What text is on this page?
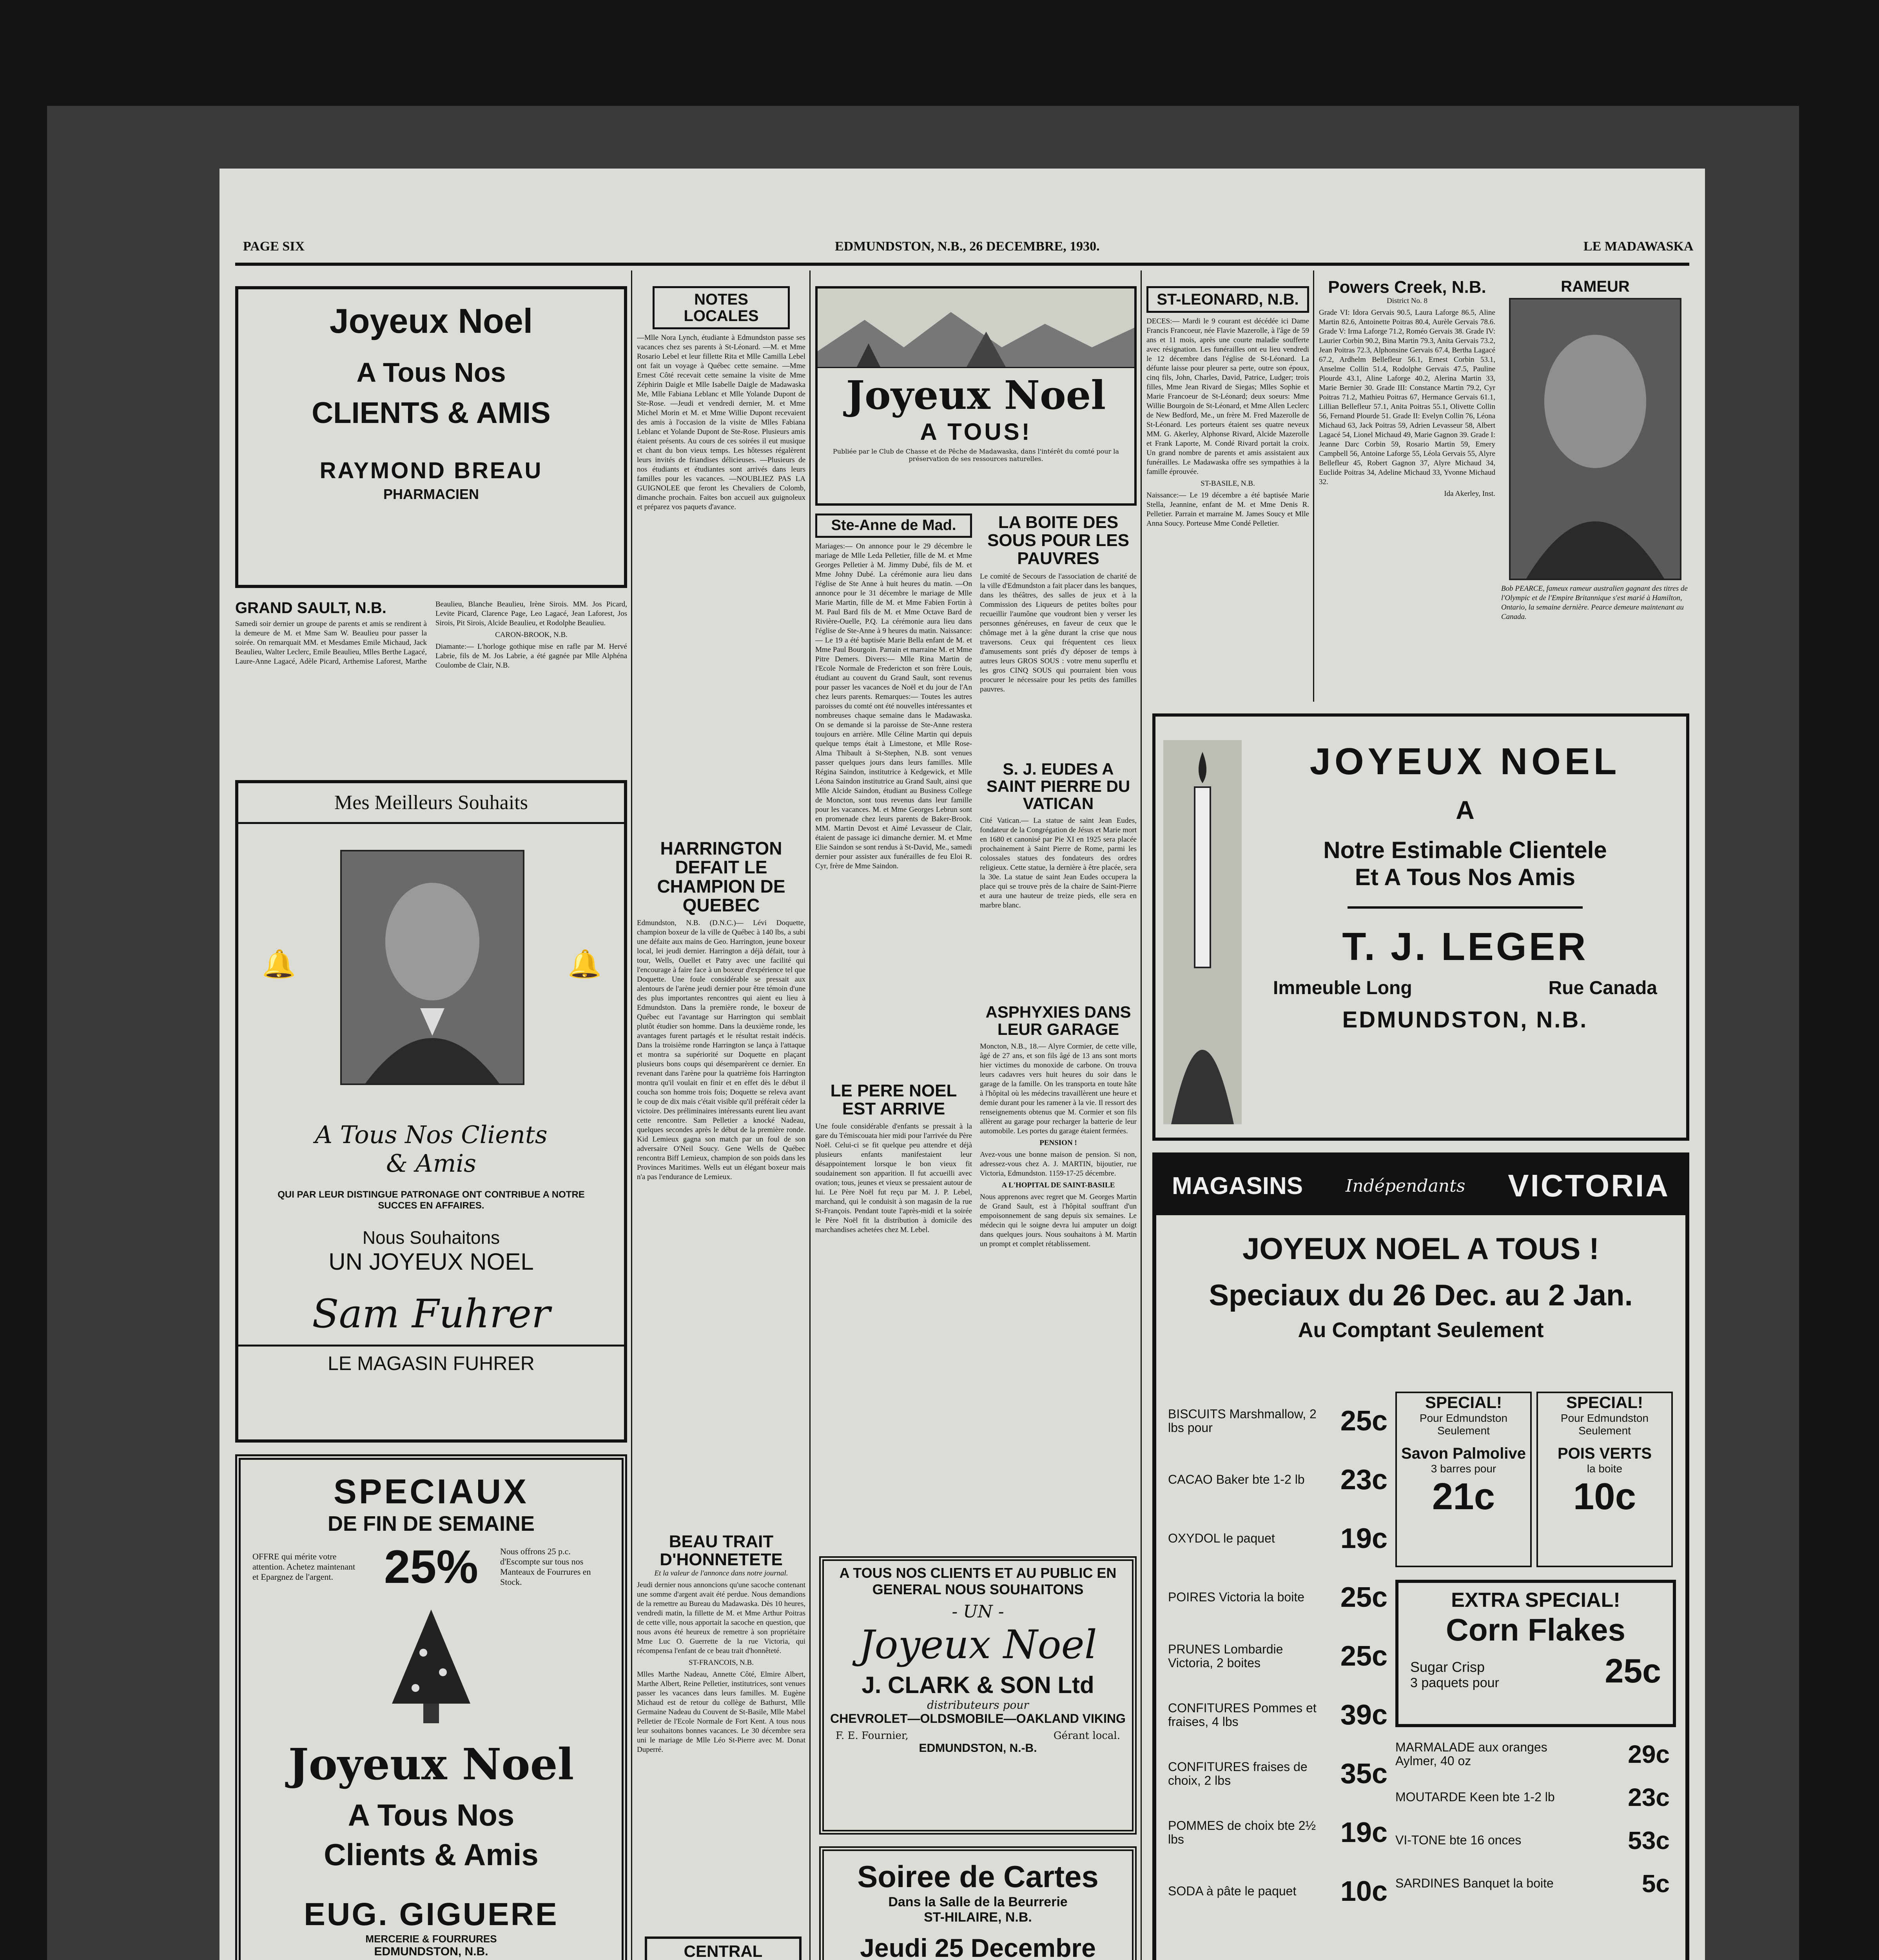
PAGE SIX	EDMUNDSTON, N.B., 26 DECEMBRE, 1930.	LE MADAWASKA
Joyeux Noel
A Tous Nos
CLIENTS & AMIS
RAYMOND BREAU
PHARMACIEN
GRAND SAULT, N.B.

Samedi soir dernier un groupe de parents et amis se rendirent à la demeure de M. et Mme Sam W. Beaulieu pour passer la soirée. On remarquait MM. et Mesdames Emile Michaud, Jack Beaulieu, Walter Leclerc, Emile Beaulieu, Mlles Berthe Lagacé, Laure-Anne Lagacé, Adèle Picard, Arthemise Laforest, Marthe Beaulieu, Blanche Beaulieu, Irène Sirois. MM. Jos Picard, Levite Picard, Clarence Page, Leo Lagacé, Jean Laforest, Jos Sirois, Pit Sirois, Alcide Beaulieu, et Rodolphe Beaulieu.

CARON-BROOK, N.B.

Diamante:— L'horloge gothique mise en rafle par M. Hervé Labrie, fils de M. Jos Labrie, a été gagnée par Mlle Alphéna Coulombe de Clair, N.B.

Mes Meilleurs Souhaits
🔔	🔔
A Tous Nos Clients
& Amis
QUI PAR LEUR DISTINGUE PATRONAGE ONT CONTRIBUE A NOTRE SUCCES EN AFFAIRES.
Nous Souhaitons
UN JOYEUX NOEL
Sam Fuhrer
LE MAGASIN FUHRER
SPECIAUX
DE FIN DE SEMAINE
OFFRE qui mérite votre attention. Achetez maintenant et Epargnez de l'argent.	25%	Nous offrons 25 p.c. d'Escompte sur tous nos Manteaux de Fourrures en Stock.
Joyeux Noel
A Tous Nos
Clients & Amis
EUG. GIGUERE
MERCERIE & FOURRURES
EDMUNDSTON, N.B.
NOTES LOCALES

—Mlle Nora Lynch, étudiante à Edmundston passe ses vacances chez ses parents à St-Léonard. —M. et Mme Rosario Lebel et leur fillette Rita et Mlle Camilla Lebel ont fait un voyage à Québec cette semaine. —Mme Ernest Côté recevait cette semaine la visite de Mme Zéphirin Daigle et Mlle Isabelle Daigle de Madawaska Me, Mlle Fabiana Leblanc et Mlle Yolande Dupont de Ste-Rose. —Jeudi et vendredi dernier, M. et Mme Michel Morin et M. et Mme Willie Dupont recevaient des amis à l'occasion de la visite de Mlles Fabiana Leblanc et Yolande Dupont de Ste-Rose. Plusieurs amis étaient présents. Au cours de ces soirées il eut musique et chant du bon vieux temps. Les hôtesses régalèrent leurs invités de friandises délicieuses. —Plusieurs de nos étudiants et étudiantes sont arrivés dans leurs familles pour les vacances. —NOUBLIEZ PAS LA GUIGNOLEE que feront les Chevaliers de Colomb, dimanche prochain. Faites bon accueil aux guignoleux et préparez vos paquets d'avance.

HARRINGTON DEFAIT LE CHAMPION DE QUEBEC

Edmundston, N.B. (D.N.C.)— Lévi Doquette, champion boxeur de la ville de Québec à 140 lbs, a subi une défaite aux mains de Geo. Harrington, jeune boxeur local, lei jeudi dernier. Harrington a déjà défait, tour à tour, Wells, Ouellet et Patry avec une facilité qui l'encourage à faire face à un boxeur d'expérience tel que Doquette. Une foule considérable se pressait aux alentours de l'arène jeudi dernier pour être témoin d'une des plus importantes rencontres qui aient eu lieu à Edmundston. Dans la première ronde, le boxeur de Québec eut l'avantage sur Harrington qui semblait plutôt étudier son homme. Dans la deuxième ronde, les avantages furent partagés et le résultat restait indécis. Dans la troisième ronde Harrington se lança à l'attaque et montra sa supériorité sur Doquette en plaçant plusieurs bons coups qui désemparèrent ce dernier. En revenant dans l'arène pour la quatrième fois Harrington montra qu'il voulait en finir et en effet dès le début il coucha son homme trois fois; Doquette se releva avant le coup de dix mais c'était visible qu'il préférait céder la victoire. Des préliminaires intéressants eurent lieu avant cette rencontre. Sam Pelletier a knocké Nadeau, quelques secondes après le début de la première ronde. Kid Lemieux gagna son match par un foul de son adversaire O'Neil Soucy. Gene Wells de Québec rencontra Biff Lemieux, champion de son poids dans les Provinces Maritimes. Wells eut un élégant boxeur mais n'a pas l'endurance de Lemieux.

BEAU TRAIT D'HONNETETE

Et la valeur de l'annonce dans notre journal.

Jeudi dernier nous annoncions qu'une sacoche contenant une somme d'argent avait été perdue. Nous demandions de la remettre au Bureau du Madawaska. Dès 10 heures, vendredi matin, la fillette de M. et Mme Arthur Poitras de cette ville, nous apportait la sacoche en question, que nous avons été heureux de remettre à son propriétaire Mme Luc O. Guerrette de la rue Victoria, qui récompensa l'enfant de ce beau trait d'honnêteté.

ST-FRANCOIS, N.B.

Mlles Marthe Nadeau, Annette Côté, Elmire Albert, Marthe Albert, Reine Pelletier, institutrices, sont venues passer les vacances dans leurs familles. M. Eugène Michaud est de retour du collège de Bathurst, Mlle Germaine Nadeau du Couvent de St-Basile, Mlle Mabel Pelletier de l'Ecole Normale de Fort Kent. A tous nous leur souhaitons bonnes vacances. Le 30 décembre sera uni le mariage de Mlle Léo St-Pierre avec M. Donat Duperré.

CENTRAL
Joyeux Noel
A TOUS!
Publiée par le Club de Chasse et de Pêche de Madawaska, dans l'intérêt du comté pour la préservation de ses ressources naturelles.
Ste-Anne de Mad.

Mariages:— On annonce pour le 29 décembre le mariage de Mlle Leda Pelletier, fille de M. et Mme Georges Pelletier à M. Jimmy Dubé, fils de M. et Mme Johny Dubé. La cérémonie aura lieu dans l'église de Ste Anne à huit heures du matin. —On annonce pour le 31 décembre le mariage de Mlle Marie Martin, fille de M. et Mme Fabien Fortin à M. Paul Bard fils de M. et Mme Octave Bard de Rivière-Ouelle, P.Q. La cérémonie aura lieu dans l'église de Ste-Anne à 9 heures du matin. Naissance:— Le 19 a été baptisée Marie Bella enfant de M. et Mme Paul Bourgoin. Parrain et marraine M. et Mme Pitre Demers. Divers:— Mlle Rina Martin de l'Ecole Normale de Fredericton et son frère Louis, étudiant au couvent du Grand Sault, sont revenus pour passer les vacances de Noël et du jour de l'An chez leurs parents. Remarques:— Toutes les autres paroisses du comté ont été nouvelles intéressantes et nombreuses chaque semaine dans le Madawaska. On se demande si la paroisse de Ste-Anne restera toujours en arrière. Mlle Céline Martin qui depuis quelque temps était à Limestone, et Mlle Rose-Alma Thibault à St-Stephen, N.B. sont venues passer quelques jours dans leurs familles. Mlle Régina Saindon, institutrice à Kedgewick, et Mlle Léona Saindon institutrice au Grand Sault, ainsi que Mlle Alcide Saindon, étudiant au Business College de Moncton, sont tous revenus dans leur famille pour les vacances. M. et Mme Georges Lebrun sont en promenade chez leurs parents de Baker-Brook. MM. Martin Devost et Aimé Levasseur de Clair, étaient de passage ici dimanche dernier. M. et Mme Elie Saindon se sont rendus à St-David, Me., samedi dernier pour assister aux funérailles de feu Eloi R. Cyr, frère de Mme Saindon.

LE PERE NOEL EST ARRIVE

Une foule considérable d'enfants se pressait à la gare du Témiscouata hier midi pour l'arrivée du Père Noël. Celui-ci se fit quelque peu attendre et déjà plusieurs enfants manifestaient leur désappointement lorsque le bon vieux fit soudainement son apparition. Il fut accueilli avec ovation; tous, jeunes et vieux se pressaient autour de lui. Le Père Noël fut reçu par M. J. P. Lebel, marchand, qui le conduisit à son magasin de la rue St-François. Pendant toute l'après-midi et la soirée le Père Noël fit la distribution à domicile des marchandises achetées chez M. Lebel.

LA BOITE DES SOUS POUR LES PAUVRES

Le comité de Secours de l'association de charité de la ville d'Edmundston a fait placer dans les banques, dans les théâtres, des salles de jeux et à la Commission des Liqueurs de petites boîtes pour recueillir l'aumône que voudront bien y verser les personnes généreuses, en faveur de ceux que le chômage met à la gêne durant la crise que nous traversons. Ceux qui fréquentent ces lieux d'amusements sont priés d'y déposer de temps à autres leurs GROS SOUS : votre menu superflu et les gros CINQ SOUS qui pourraient bien vous procurer le nécessaire pour les petits des familles pauvres.

S. J. EUDES A SAINT PIERRE DU VATICAN

Cité Vatican.— La statue de saint Jean Eudes, fondateur de la Congrégation de Jésus et Marie mort en 1680 et canonisé par Pie XI en 1925 sera placée prochainement à Saint Pierre de Rome, parmi les colossales statues des fondateurs des ordres religieux. Cette statue, la dernière à être placée, sera la 30e. La statue de saint Jean Eudes occupera la place qui se trouve près de la chaire de Saint-Pierre et aura une hauteur de treize pieds, elle sera en marbre blanc.

ASPHYXIES DANS LEUR GARAGE

Moncton, N.B., 18.— Alyre Cormier, de cette ville, âgé de 27 ans, et son fils âgé de 13 ans sont morts hier victimes du monoxide de carbone. On trouva leurs cadavres vers huit heures du soir dans le garage de la famille. On les transporta en toute hâte à l'hôpital où les médecins travaillèrent une heure et demie durant pour les ramener à la vie. Il ressort des renseignements obtenus que M. Cormier et son fils allèrent au garage pour recharger la batterie de leur automobile. Les portes du garage étaient fermées.

PENSION !

Avez-vous une bonne maison de pension. Si non, adressez-vous chez A. J. MARTIN, bijoutier, rue Victoria, Edmundston. 1159-17-25 décembre.

A L'HOPITAL DE SAINT-BASILE

Nous apprenons avec regret que M. Georges Martin de Grand Sault, est à l'hôpital souffrant d'un empoisonnement de sang depuis six semaines. Le médecin qui le soigne devra lui amputer un doigt dans quelques jours. Nous souhaitons à M. Martin un prompt et complet rétablissement.

A TOUS NOS CLIENTS ET AU PUBLIC EN GENERAL NOUS SOUHAITONS
- UN -
Joyeux Noel
J. CLARK & SON Ltd
distributeurs pour
CHEVROLET—OLDSMOBILE—OAKLAND VIKING
F. E. Fournier,	Gérant local.
EDMUNDSTON, N.-B.
Soiree de Cartes
Dans la Salle de la Beurrerie
ST-HILAIRE, N.B.
Jeudi 25 Decembre
ST-LEONARD, N.B.

DECES:— Mardi le 9 courant est décédée ici Dame Francis Francoeur, née Flavie Mazerolle, à l'âge de 59 ans et 11 mois, après une courte maladie soufferte avec résignation. Les funérailles ont eu lieu vendredi le 12 décembre dans l'église de St-Léonard. La défunte laisse pour pleurer sa perte, outre son époux, cinq fils, John, Charles, David, Patrice, Ludger; trois filles, Mme Jean Rivard de Siegas; Mlles Sophie et Marie Francoeur de St-Léonard; deux soeurs: Mme Willie Bourgoin de St-Léonard, et Mme Allen Leclerc de New Bedford, Me., un frère M. Fred Mazerolle de St-Léonard. Les porteurs étaient ses quatre neveux MM. G. Akerley, Alphonse Rivard, Alcide Mazerolle et Frank Laporte, M. Condé Rivard portait la croix. Un grand nombre de parents et amis assistaient aux funérailles. Le Madawaska offre ses sympathies à la famille éprouvée.

ST-BASILE, N.B.

Naissance:— Le 19 décembre a été baptisée Marie Stella, Jeannine, enfant de M. et Mme Denis R. Pelletier. Parrain et marraine M. James Soucy et Mlle Anna Soucy. Porteuse Mme Condé Pelletier.

Powers Creek, N.B.

District No. 8

Grade VI: Idora Gervais 90.5, Laura Laforge 86.5, Aline Martin 82.6, Antoinette Poitras 80.4, Aurèle Gervais 78.6. Grade V: Irma Laforge 71.2, Roméo Gervais 38. Grade IV: Laurier Corbin 90.2, Bina Martin 79.3, Anita Gervais 73.2, Jean Poitras 72.3, Alphonsine Gervais 67.4, Bertha Lagacé 67.2, Ardhelm Bellefleur 56.1, Ernest Corbin 53.1, Anselme Collin 51.4, Rodolphe Gervais 47.5, Pauline Plourde 43.1, Aline Laforge 40.2, Alerina Martin 33, Marie Bernier 30. Grade III: Constance Martin 79.2, Cyr Poitras 71.2, Mathieu Poitras 67, Hermance Gervais 61.1, Lillian Bellefleur 57.1, Anita Poitras 55.1, Olivette Collin 56, Fernand Plourde 51. Grade II: Evelyn Collin 76, Léona Michaud 63, Jack Poitras 59, Adrien Levasseur 58, Albert Lagacé 54, Lionel Michaud 49, Marie Gagnon 39. Grade I: Jeanne Darc Corbin 59, Rosario Martin 59, Emery Campbell 56, Antoine Laforge 55, Léola Gervais 55, Alyre Bellefleur 45, Robert Gagnon 37, Alyre Michaud 34, Euclide Poitras 34, Adeline Michaud 33, Yvonne Michaud 32.

Ida Akerley, Inst.

RAMEUR
Bob PEARCE, fameux rameur australien gagnant des titres de l'Olympic et de l'Empire Britannique s'est marié à Hamilton, Ontario, la semaine dernière. Pearce demeure maintenant au Canada.
JOYEUX NOEL
A
Notre Estimable Clientele
Et A Tous Nos Amis
T. J. LEGER
Immeuble Long	Rue Canada
EDMUNDSTON, N.B.
MAGASINS Indépendants VICTORIA
JOYEUX NOEL A TOUS !
Speciaux du 26 Dec. au 2 Jan.
Au Comptant Seulement
BISCUITS Marshmallow, 2 lbs pour	25c
CACAO Baker bte 1-2 lb	23c
OXYDOL le paquet	19c
POIRES Victoria la boite	25c
PRUNES Lombardie Victoria, 2 boites	25c
CONFITURES Pommes et fraises, 4 lbs	39c
CONFITURES fraises de choix, 2 lbs	35c
POMMES de choix bte 2½ lbs	19c
SODA à pâte le paquet	10c
SPECIAL!
Pour Edmundston Seulement
Savon Palmolive
3 barres pour
21c
SPECIAL!
Pour Edmundston Seulement
POIS VERTS
la boite
10c
EXTRA SPECIAL!
Corn Flakes
Sugar Crisp
3 paquets pour	25c
MARMALADE aux oranges Aylmer, 40 oz	29c
MOUTARDE Keen bte 1-2 lb	23c
VI-TONE bte 16 onces	53c
SARDINES Banquet la boite	5c
